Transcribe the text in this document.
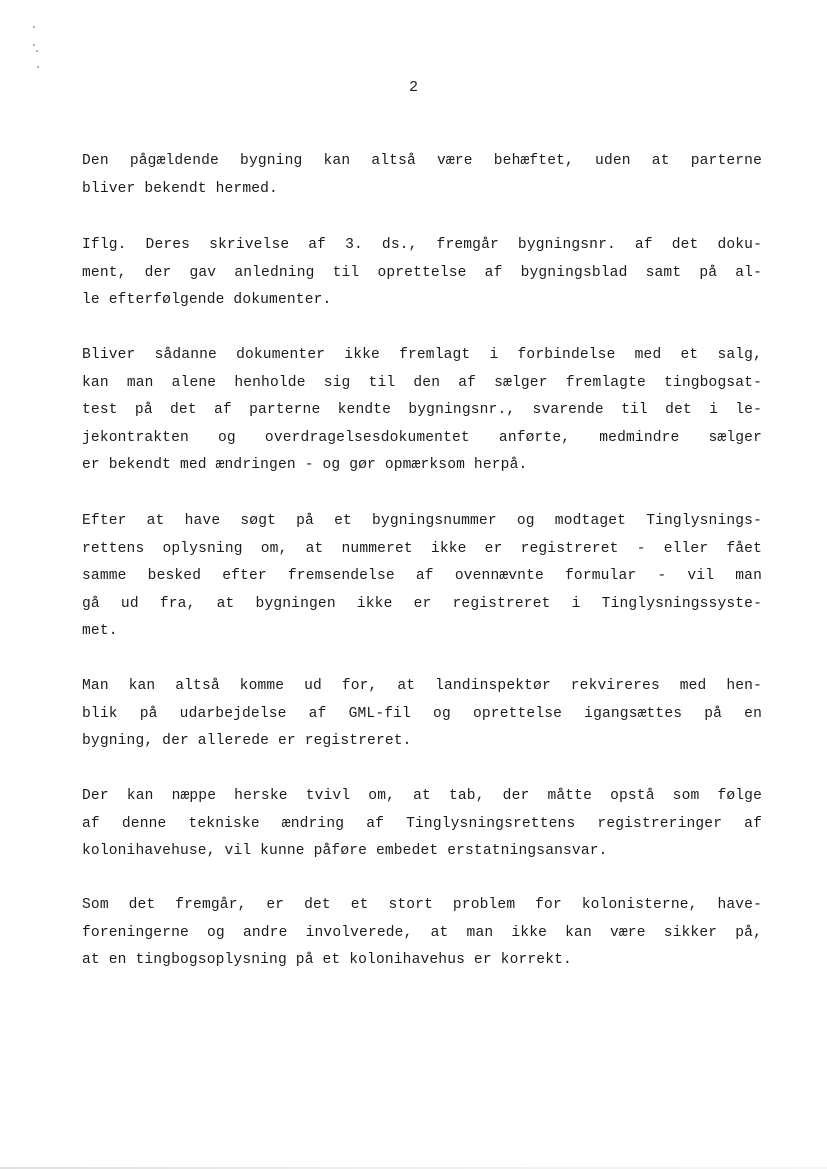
2
Den pågældende bygning kan altså være behæftet, uden at parterne
bliver bekendt hermed.
Iflg. Deres skrivelse af 3. ds., fremgår bygningsnr. af det doku-
ment, der gav anledning til oprettelse af bygningsblad samt på al-
le efterfølgende dokumenter.
Bliver sådanne dokumenter ikke fremlagt i forbindelse med et salg,
kan man alene henholde sig til den af sælger fremlagte tingbogsat-
test på det af parterne kendte bygningsnr., svarende til det i le-
jekontrakten og overdragelsesdokumentet anførte, medmindre sælger
er bekendt med ændringen - og gør opmærksom herpå.
Efter at have søgt på et bygningsnummer og modtaget Tinglysnings-
rettens oplysning om, at nummeret ikke er registreret - eller fået
samme besked efter fremsendelse af ovennævnte formular - vil man
gå ud fra, at bygningen ikke er registreret i Tinglysningssyste-
met.
Man kan altså komme ud for, at landinspektør rekvireres med hen-
blik på udarbejdelse af GML-fil og oprettelse igangsættes på en
bygning, der allerede er registreret.
Der kan næppe herske tvivl om, at tab, der måtte opstå som følge
af denne tekniske ændring af Tinglysningsrettens registreringer af
kolonihavehuse, vil kunne påføre embedet erstatningsansvar.
Som det fremgår, er det et stort problem for kolonisterne, have-
foreningerne og andre involverede, at man ikke kan være sikker på,
at en tingbogsoplysning på et kolonihavehus er korrekt.
